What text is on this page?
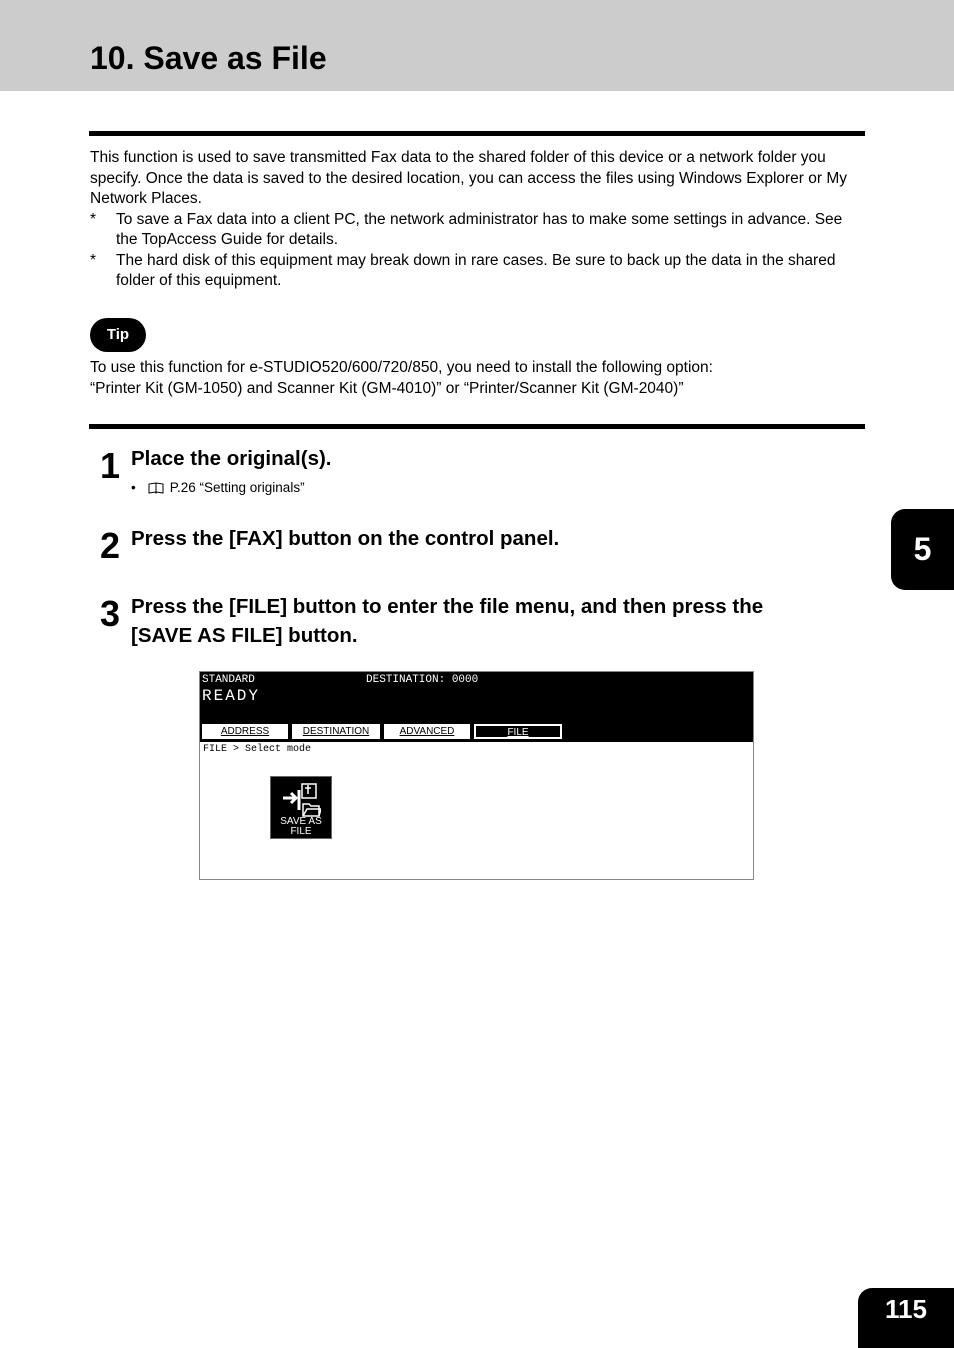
10. Save as File

This function is used to save transmitted Fax data to the shared folder of this device or a network folder you specify. Once the data is saved to the desired location, you can access the files using Windows Explorer or My Network Places.

* To save a Fax data into a client PC, the network administrator has to make some settings in advance. See the TopAccess Guide for details.
* The hard disk of this equipment may break down in rare cases. Be sure to back up the data in the shared folder of this equipment.
Tip

To use this function for e-STUDIO520/600/720/850, you need to install the following option:

“Printer Kit (GM-1050) and Scanner Kit (GM-4010)” or “Printer/Scanner Kit (GM-2040)”

1 Place the original(s).
•	P.26 “Setting originals”
2 Press the [FAX] button on the control panel.
3 Press the [FILE] button to enter the file menu, and then press the
[SAVE AS FILE] button.
STANDARD	DESTINATION: 0000
READY
ADDRESS	DESTINATION	ADVANCED	FILE
FILE > Select mode
SAVE AS
FILE
5
115
